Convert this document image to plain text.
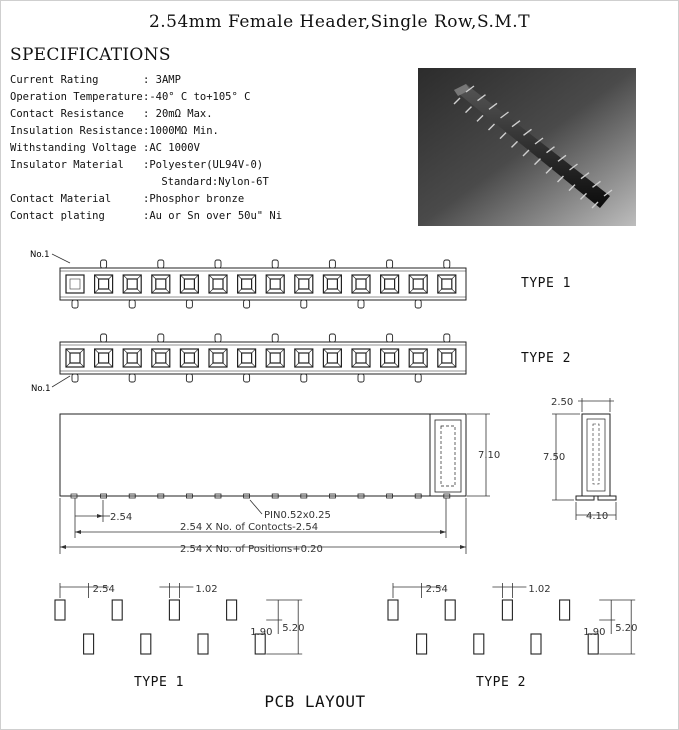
2.54mm Female Header,Single Row,S.M.T
SPECIFICATIONS
Current Rating	: 3AMP
Operation Temperature:-40° C to+105° C
Contact Resistance : 20mΩ Max.
Insulation Resistance:1000MΩ Min.
Withstanding Voltage :AC 1000V
Insulator Material :Polyester(UL94V-0)
Standard:Nylon-6T
Contact Material	:Phosphor bronze
Contact plating	:Au or Sn over 50u" Ni
No.1
No.1
7.10
2.54	PIN0.52x0.25
2.54 X No. of Contocts-2.54
2.54 X No. of Positions+0.20
2.50
7.50
4.10
2.54	1.02
1.90 5.20
2.54	1.02
1.90 5.20
TYPE 1
TYPE 2
TYPE 1	TYPE 2
PCB LAYOUT
